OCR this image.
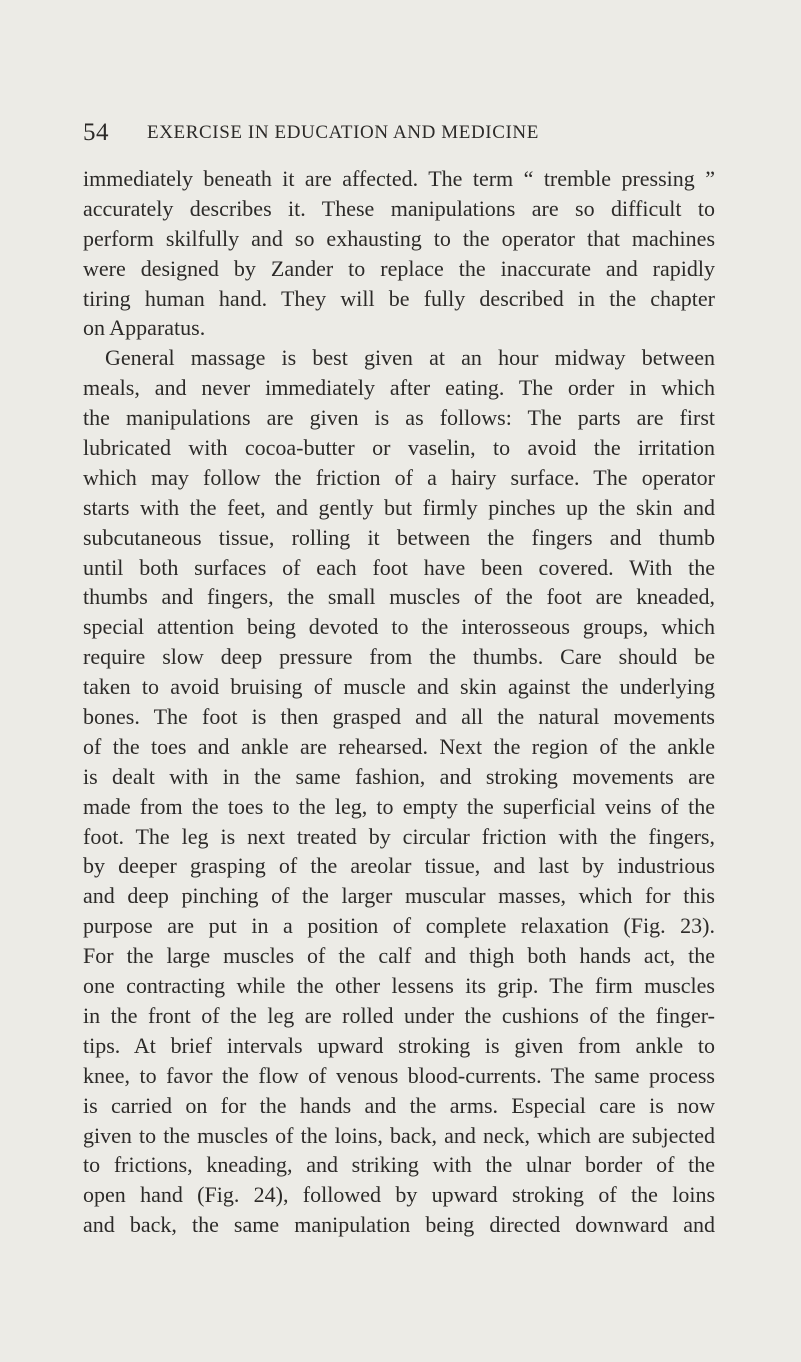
54 EXERCISE IN EDUCATION AND MEDICINE
immediately beneath it are affected. The term “ tremble pressing ”
accurately describes it. These manipulations are so difficult to
perform skilfully and so exhausting to the operator that machines
were designed by Zander to replace the inaccurate and rapidly
tiring human hand. They will be fully described in the chapter
on Apparatus.
General massage is best given at an hour midway between
meals, and never immediately after eating. The order in which
the manipulations are given is as follows: The parts are first
lubricated with cocoa-butter or vaselin, to avoid the irritation
which may follow the friction of a hairy surface. The operator
starts with the feet, and gently but firmly pinches up the skin and
subcutaneous tissue, rolling it between the fingers and thumb
until both surfaces of each foot have been covered. With the
thumbs and fingers, the small muscles of the foot are kneaded,
special attention being devoted to the interosseous groups, which
require slow deep pressure from the thumbs. Care should be
taken to avoid bruising of muscle and skin against the underlying
bones. The foot is then grasped and all the natural movements
of the toes and ankle are rehearsed. Next the region of the ankle
is dealt with in the same fashion, and stroking movements are
made from the toes to the leg, to empty the superficial veins of the
foot. The leg is next treated by circular friction with the fingers,
by deeper grasping of the areolar tissue, and last by industrious
and deep pinching of the larger muscular masses, which for this
purpose are put in a position of complete relaxation (Fig. 23).
For the large muscles of the calf and thigh both hands act, the
one contracting while the other lessens its grip. The firm muscles
in the front of the leg are rolled under the cushions of the finger-
tips. At brief intervals upward stroking is given from ankle to
knee, to favor the flow of venous blood-currents. The same process
is carried on for the hands and the arms. Especial care is now
given to the muscles of the loins, back, and neck, which are subjected
to frictions, kneading, and striking with the ulnar border of the
open hand (Fig. 24), followed by upward stroking of the loins
and back, the same manipulation being directed downward and
